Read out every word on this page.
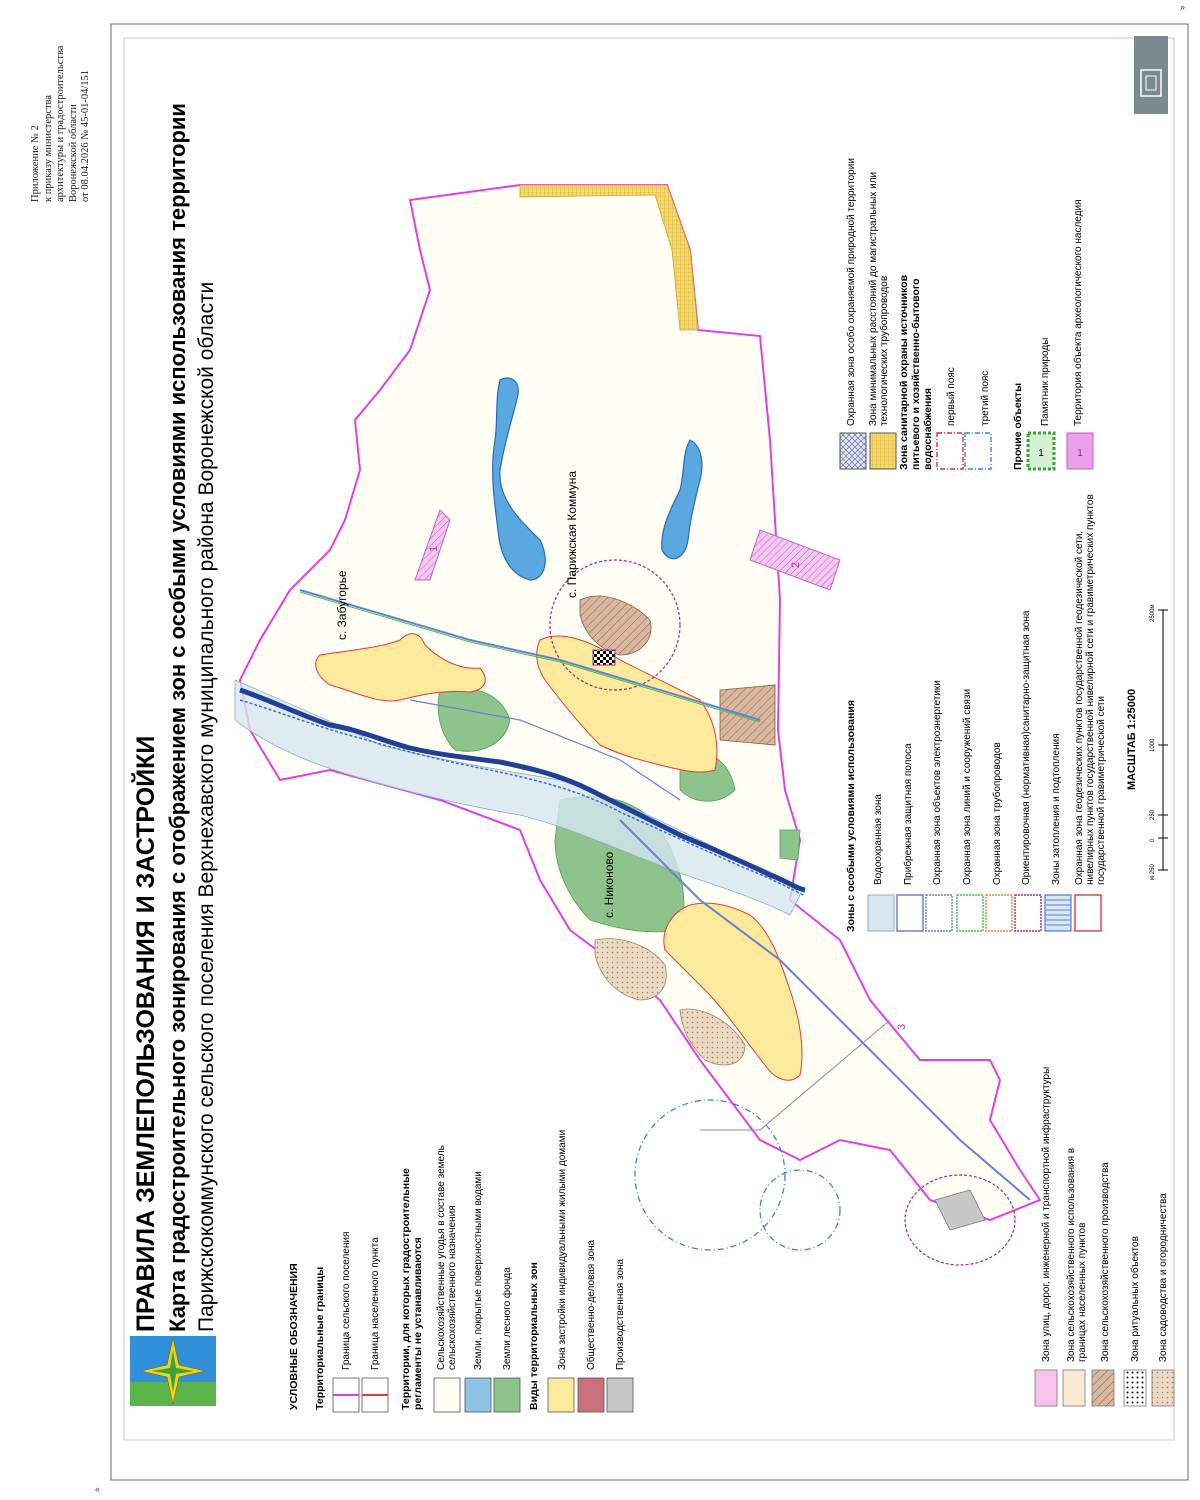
Приложение № 2 к приказу министерства архитектуры и градостроительства Воронежской области от 08.04.2026 № 45-01-04/151
»
«
1	1
ПРАВИЛА ЗЕМЛЕПОЛЬЗОВАНИЯ И ЗАСТРОЙКИ Карта градостроительного зонирования с отображением зон с особыми условиями использования территории Парижскокоммунского сельского поселения Верхнехавского муниципального района Воронежской области	с. Забугорье
с. Парижская Коммуна
с. Никоново
1
2
3
УСЛОВНЫЕ ОБОЗНАЧЕНИЯ Территориальные границы Граница сельского поселения Граница населенного пункта Территории, для которых градостроительные регламенты не устанавливаются Сельскохозяйственные угодья в составе земель сельскохозяйственного назначения Земли, покрытые поверхностными водами Земли лесного фонда Виды территориальных зон Зона застройки индивидуальными жилыми домами Общественно-деловая зона Производственная зона	Зона улиц, дорог, инженерной и транспортной инфраструктуры Зона сельскохозяйственного использования в границах населенных пунктов Зона сельскохозяйственного производства Зона ритуальных объектов Зона садоводства и огородничества
Зоны с особыми условиями использования Водоохранная зона Прибрежная защитная полоса Охранная зона объектов электроэнергетики Охранная зона линий и сооружений связи Охранная зона трубопроводов Ориентировочная (нормативная)санитарно-защитная зона Зоны затопления и подтопления Охранная зона геодезических пунктов государственной геодезической сети, нивелирных пунктов государственной нивелирной сети и гравиметрических пунктов государственной гравиметрической сети
Охранная зона особо охраняемой природной территории Зона минимальных расстояний до магистральных или технологических трубопроводов Зона санитарной охраны источников питьевого и хозяйственно-бытового водоснабжения первый пояс третий пояс Прочие объекты
Памятник природы Территория объекта археологического наследия
МАСШТАБ 1:25000
м 250
0
250
1000
2500м
